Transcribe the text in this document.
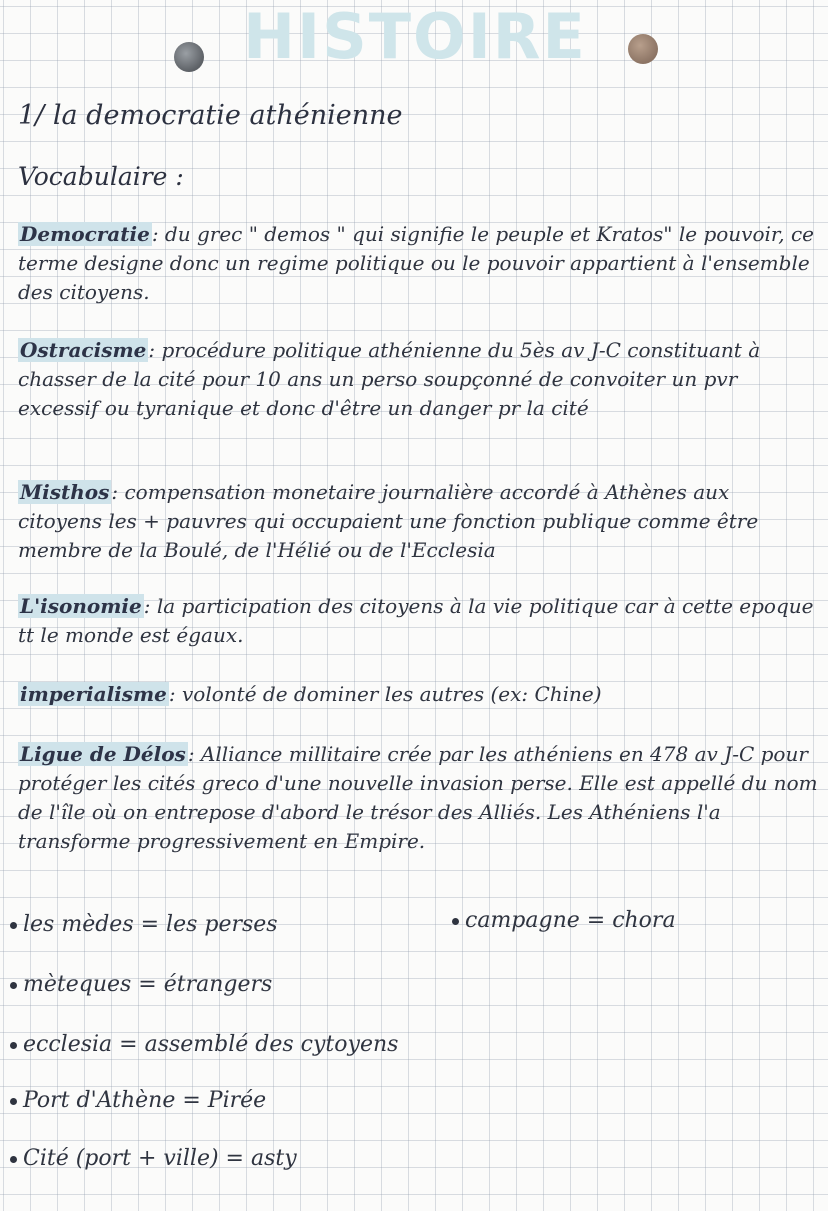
HISTOIRE
1/ la democratie athénienne
Vocabulaire :
Democratie : du grec " demos " qui signifie le peuple et Kratos" le pouvoir, ce terme designe donc un regime politique ou le pouvoir appartient à l'ensemble des citoyens.
Ostracisme : procédure politique athénienne du 5ès av J-C constituant à chasser de la cité pour 10 ans un perso soupçonné de convoiter un pvr excessif ou tyranique et donc d'être un danger pr la cité
Misthos : compensation monetaire journalière accordé à Athènes aux citoyens les + pauvres qui occupaient une fonction publique comme être membre de la Boulé, de l'Hélié ou de l'Ecclesia
L'isonomie : la participation des citoyens à la vie politique car à cette epoque tt le monde est égaux.
imperialisme : volonté de dominer les autres (ex: Chine)
Ligue de Délos : Alliance millitaire crée par les athéniens en 478 av J-C pour protéger les cités greco d'une nouvelle invasion perse. Elle est appellé du nom de l'île où on entrepose d'abord le trésor des Alliés. Les Athéniens l'a transforme progressivement en Empire.
les mèdes = les perses	campagne = chora
mèteques = étrangers
ecclesia = assemblé des cytoyens
Port d'Athène = Pirée
Cité (port + ville) = asty
